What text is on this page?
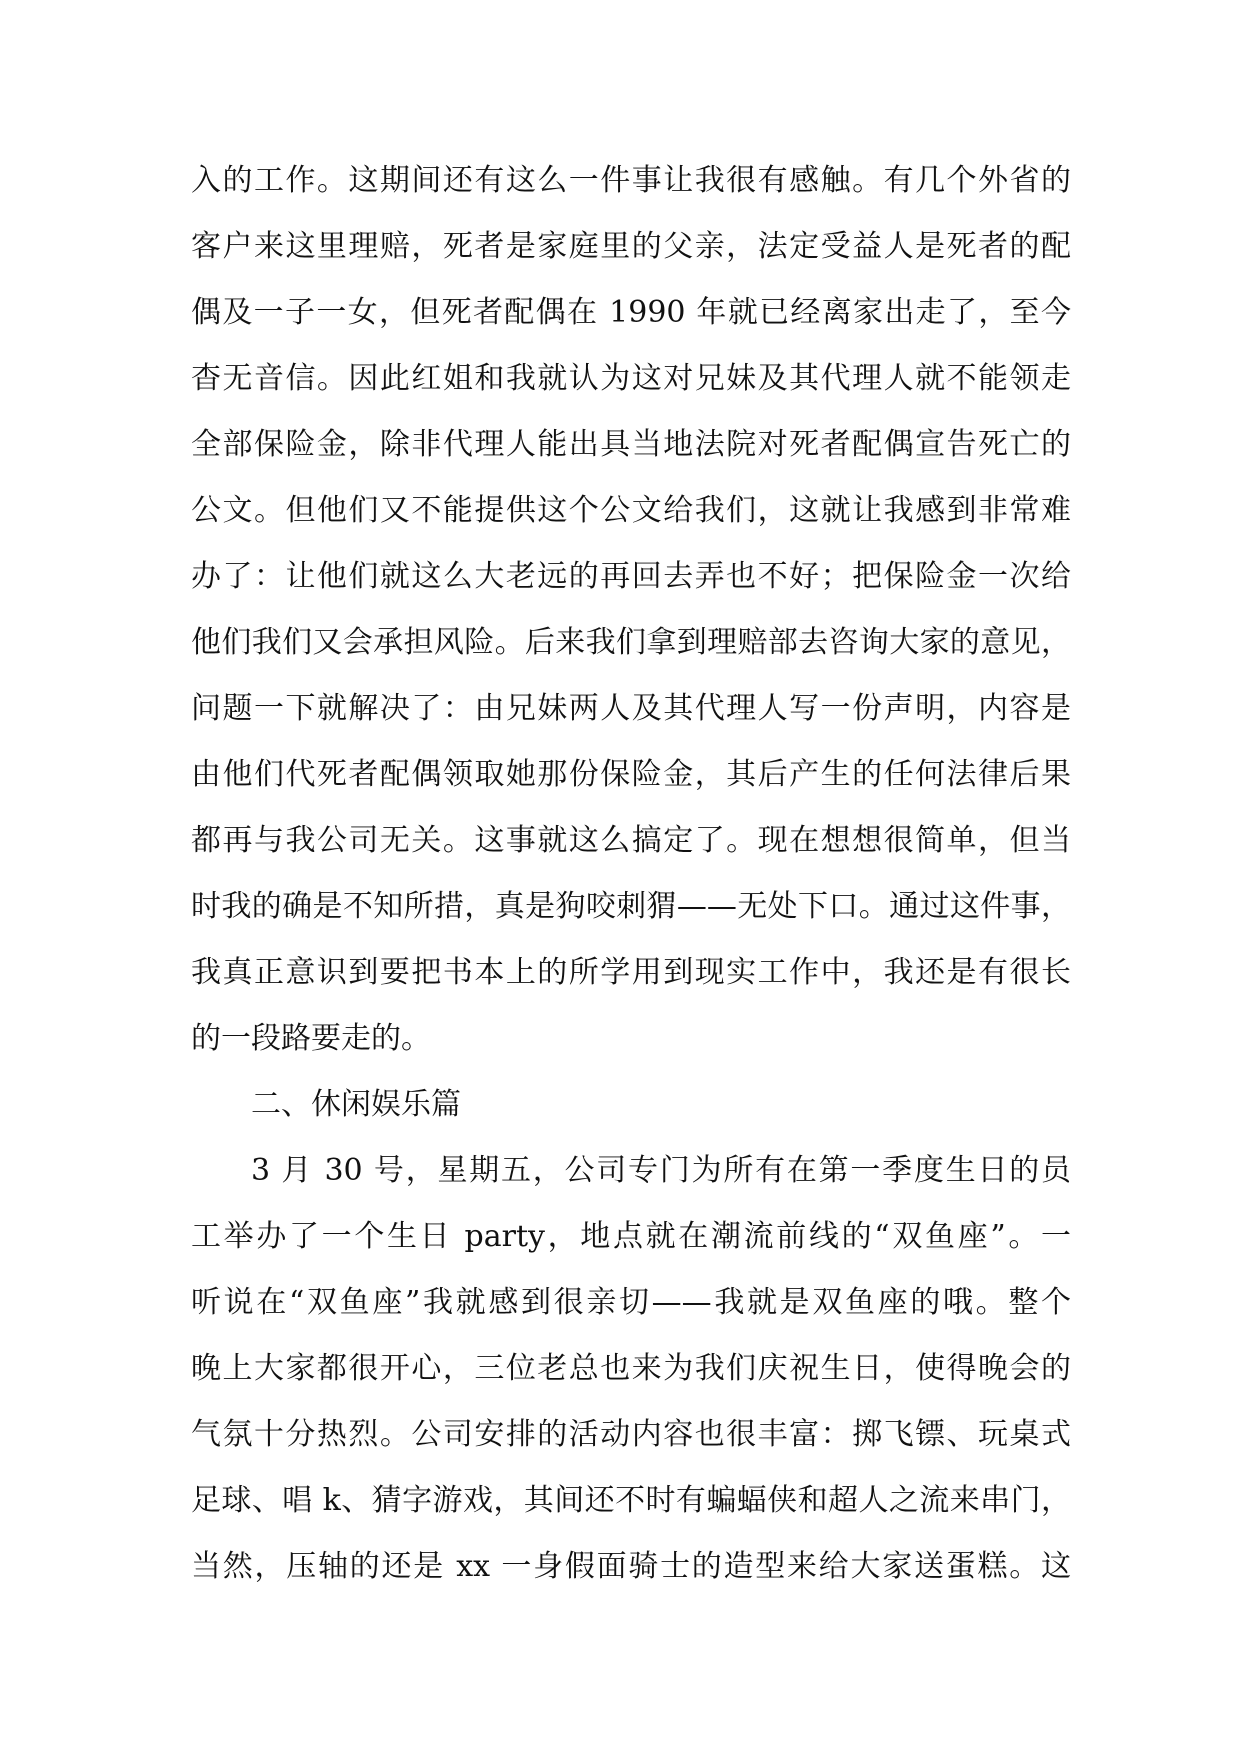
入的工作。这期间还有这么一件事让我很有感触。有几个外省的
客户来这里理赔，死者是家庭里的父亲，法定受益人是死者的配
偶及一子一女，但死者配偶在 1990 年就已经离家出走了，至今
杳无音信。因此红姐和我就认为这对兄妹及其代理人就不能领走
全部保险金，除非代理人能出具当地法院对死者配偶宣告死亡的
公文。但他们又不能提供这个公文给我们，这就让我感到非常难
办了：让他们就这么大老远的再回去弄也不好；把保险金一次给
他们我们又会承担风险。后来我们拿到理赔部去咨询大家的意见，
问题一下就解决了：由兄妹两人及其代理人写一份声明，内容是
由他们代死者配偶领取她那份保险金，其后产生的任何法律后果
都再与我公司无关。这事就这么搞定了。现在想想很简单，但当
时我的确是不知所措，真是狗咬刺猬——无处下口。通过这件事，
我真正意识到要把书本上的所学用到现实工作中，我还是有很长
的一段路要走的。
二、休闲娱乐篇
3 月 30 号，星期五，公司专门为所有在第一季度生日的员
工举办了一个生日 party，地点就在潮流前线的“双鱼座”。一
听说在“双鱼座”我就感到很亲切——我就是双鱼座的哦。整个
晚上大家都很开心，三位老总也来为我们庆祝生日，使得晚会的
气氛十分热烈。公司安排的活动内容也很丰富：掷飞镖、玩桌式
足球、唱 k、猜字游戏，其间还不时有蝙蝠侠和超人之流来串门，
当然，压轴的还是 xx 一身假面骑士的造型来给大家送蛋糕。这
